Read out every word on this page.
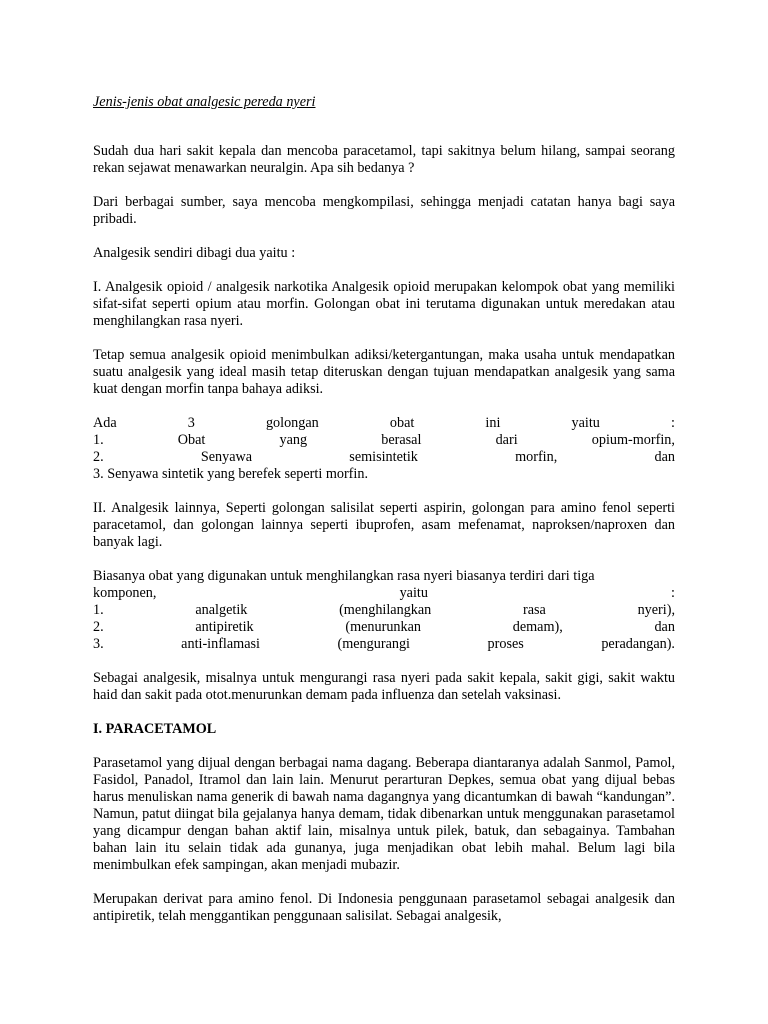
Jenis-jenis obat analgesic pereda nyeri

Sudah dua hari sakit kepala dan mencoba paracetamol, tapi sakitnya belum hilang, sampai seorang rekan sejawat menawarkan neuralgin. Apa sih bedanya ?

Dari berbagai sumber, saya mencoba mengkompilasi, sehingga menjadi catatan hanya bagi saya pribadi.

Analgesik sendiri dibagi dua yaitu :

I. Analgesik opioid / analgesik narkotika Analgesik opioid merupakan kelompok obat yang memiliki sifat-sifat seperti opium atau morfin. Golongan obat ini terutama digunakan untuk meredakan atau menghilangkan rasa nyeri.

Tetap semua analgesik opioid menimbulkan adiksi/ketergantungan, maka usaha untuk mendapatkan suatu analgesik yang ideal masih tetap diteruskan dengan tujuan mendapatkan analgesik yang sama kuat dengan morfin tanpa bahaya adiksi.

Ada	3	golongan	obat	ini	yaitu	:
1.	Obat	yang	berasal	dari	opium-morfin,
2.	Senyawa	semisintetik	morfin,	dan
3. Senyawa sintetik yang berefek seperti morfin.

II. Analgesik lainnya, Seperti golongan salisilat seperti aspirin, golongan para amino fenol seperti paracetamol, dan golongan lainnya seperti ibuprofen, asam mefenamat, naproksen/naproxen dan banyak lagi.

Biasanya obat yang digunakan untuk menghilangkan rasa nyeri biasanya terdiri dari tiga
komponen,	yaitu	:
1.	analgetik	(menghilangkan	rasa	nyeri),
2.	antipiretik	(menurunkan	demam),	dan
3.	anti-inflamasi	(mengurangi	proses	peradangan).

Sebagai analgesik, misalnya untuk mengurangi rasa nyeri pada sakit kepala, sakit gigi, sakit waktu haid dan sakit pada otot.menurunkan demam pada influenza dan setelah vaksinasi.

I. PARACETAMOL

Parasetamol yang dijual dengan berbagai nama dagang. Beberapa diantaranya adalah Sanmol, Pamol, Fasidol, Panadol, Itramol dan lain lain. Menurut perarturan Depkes, semua obat yang dijual bebas harus menuliskan nama generik di bawah nama dagangnya yang dicantumkan di bawah “kandungan”. Namun, patut diingat bila gejalanya hanya demam, tidak dibenarkan untuk menggunakan parasetamol yang dicampur dengan bahan aktif lain, misalnya untuk pilek, batuk, dan sebagainya. Tambahan bahan lain itu selain tidak ada gunanya, juga menjadikan obat lebih mahal. Belum lagi bila menimbulkan efek sampingan, akan menjadi mubazir.

Merupakan derivat para amino fenol. Di Indonesia penggunaan parasetamol sebagai analgesik dan antipiretik, telah menggantikan penggunaan salisilat. Sebagai analgesik,
